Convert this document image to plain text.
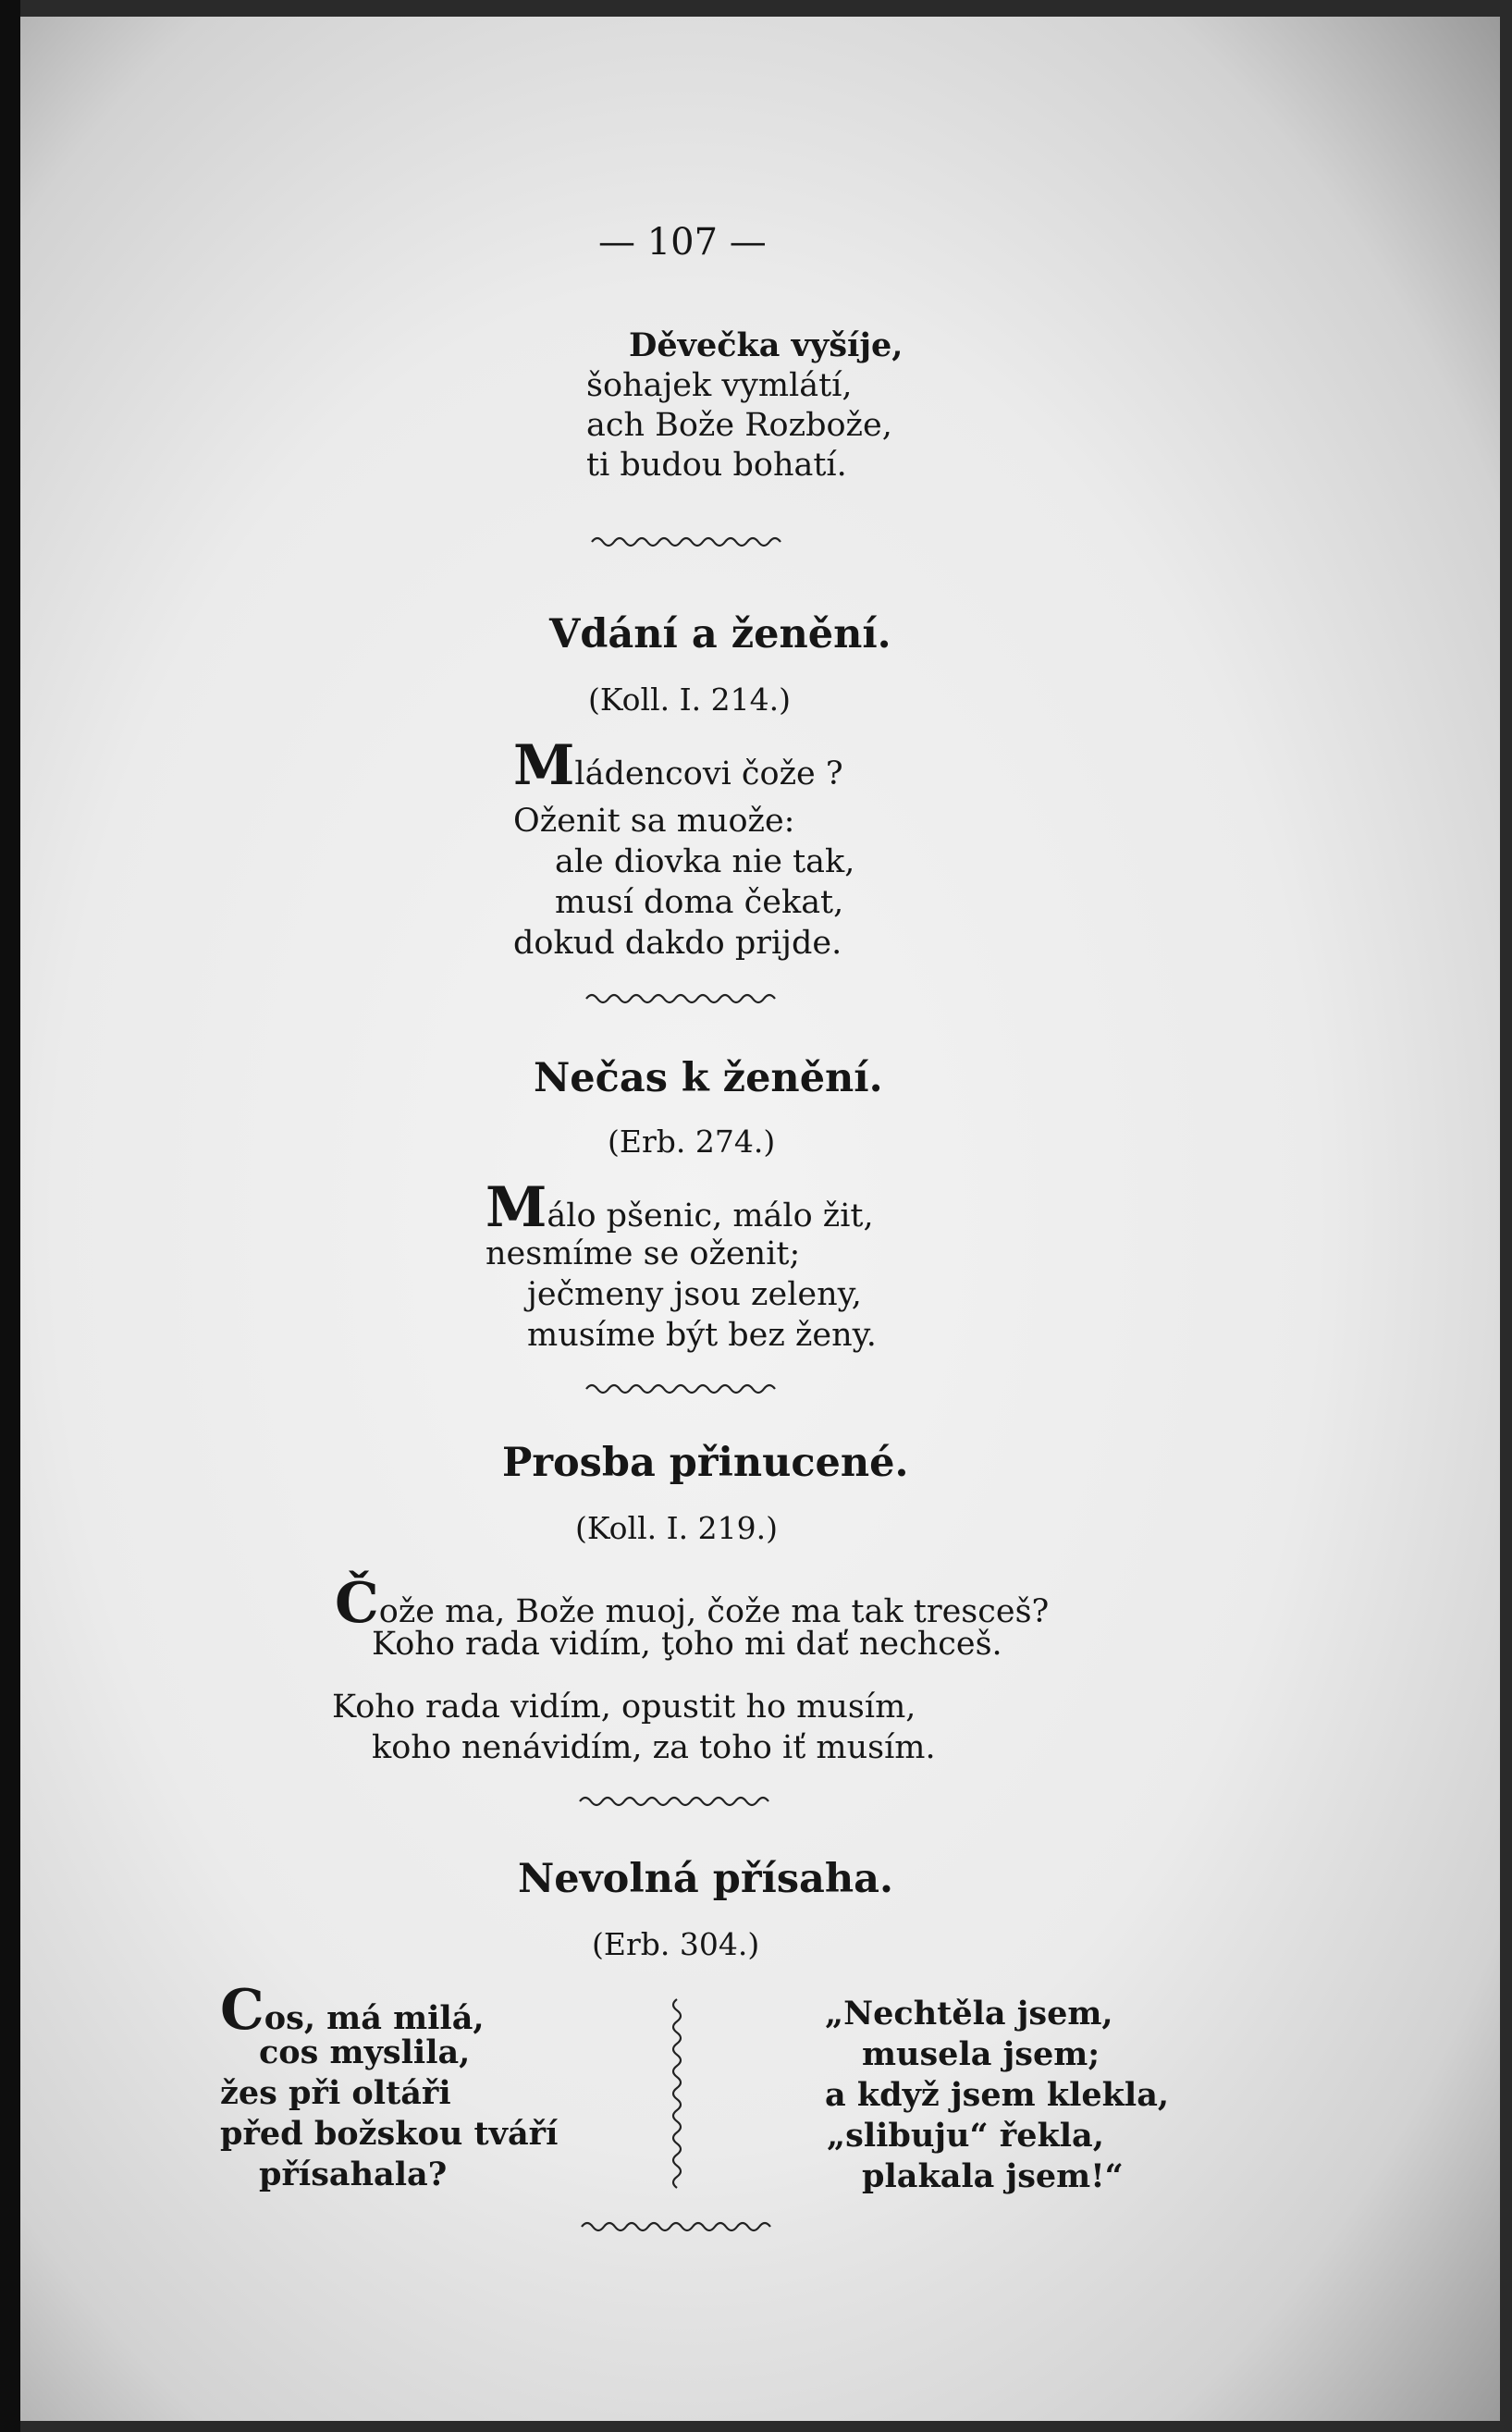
— 107 —
Děvečka vyšíje,
šohajek vymlátí,
ach Bože Rozbože,
ti budou bohatí.
Vdání a ženění.
(Koll. I. 214.)
Mládencovi čože ?
Oženit sa muože:
ale diovka nie tak,
musí doma čekat,
dokud dakdo prijde.
Nečas k ženění.
(Erb. 274.)
Málo pšenic, málo žit,
nesmíme se oženit;
ječmeny jsou zeleny,
musíme být bez ženy.
Prosba přinucené.
(Koll. I. 219.)
Čože ma, Bože muoj, čože ma tak tresceš?
Koho rada vidím, ţoho mi dať nechceš.
Koho rada vidím, opustit ho musím,
koho nenávidím, za toho iť musím.
Nevolná přísaha.
(Erb. 304.)
Cos, má milá,
cos myslila,
žes při oltáři
před božskou tváří
přísahala?
„Nechtěla jsem,
musela jsem;
a když jsem klekla,
„slibuju“ řekla,
plakala jsem!“
